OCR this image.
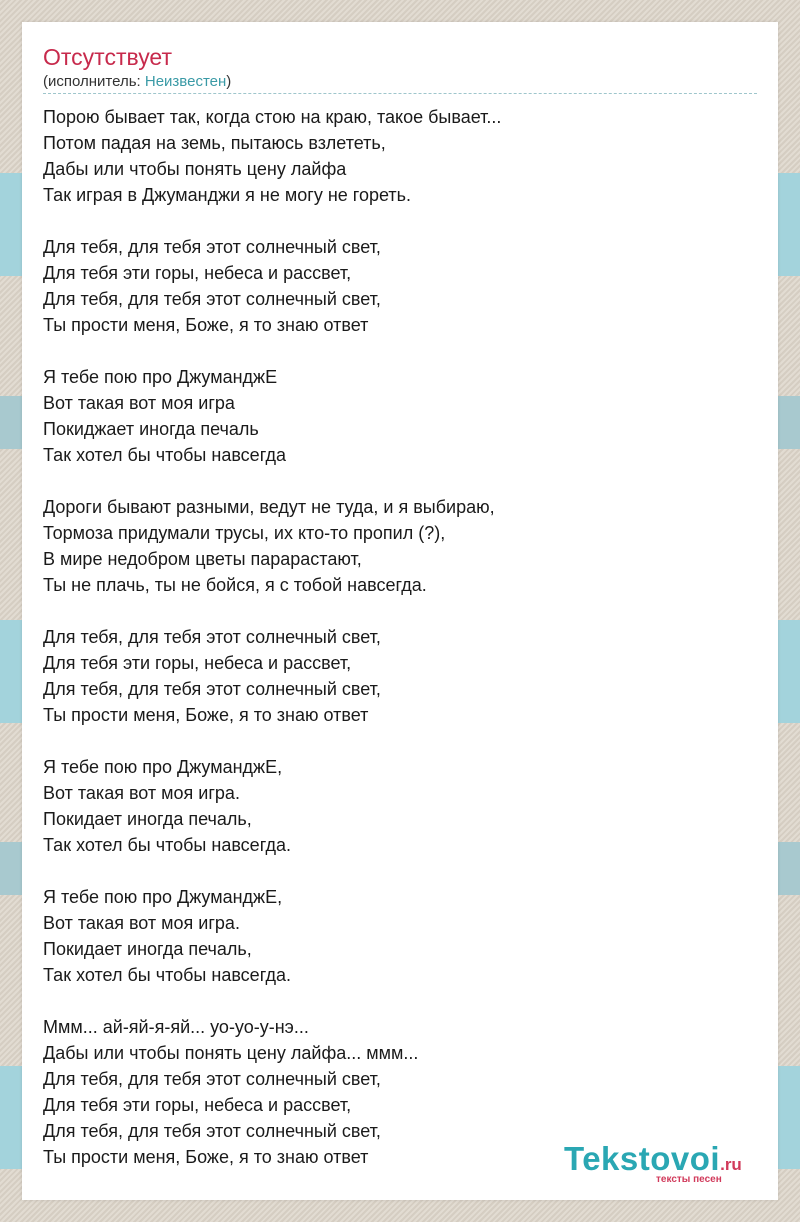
Отсутствует
(исполнитель: Неизвестен)
Порою бывает так, когда стою на краю, такое бывает...
Потом падая на земь, пытаюсь взлететь,
Дабы или чтобы понять цену лайфа
Так играя в Джуманджи я не могу не гореть.
Для тебя, для тебя этот солнечный свет,
Для тебя эти горы, небеса и рассвет,
Для тебя, для тебя этот солнечный свет,
Ты прости меня, Боже, я то знаю ответ
Я тебе пою про ДжуманджЕ
Вот такая вот моя игра
Покиджает иногда печаль
Так хотел бы чтобы навсегда
Дороги бывают разными, ведут не туда, и я выбираю,
Тормоза придумали трусы, их кто-то пропил (?),
В мире недобром цветы парарастают,
Ты не плачь, ты не бойся, я с тобой навсегда.
Для тебя, для тебя этот солнечный свет,
Для тебя эти горы, небеса и рассвет,
Для тебя, для тебя этот солнечный свет,
Ты прости меня, Боже, я то знаю ответ
Я тебе пою про ДжуманджЕ,
Вот такая вот моя игра.
Покидает иногда печаль,
Так хотел бы чтобы навсегда.
Я тебе пою про ДжуманджЕ,
Вот такая вот моя игра.
Покидает иногда печаль,
Так хотел бы чтобы навсегда.
Ммм... ай-яй-я-яй... уо-уо-у-нэ...
Дабы или чтобы понять цену лайфа... ммм...
Для тебя, для тебя этот солнечный свет,
Для тебя эти горы, небеса и рассвет,
Для тебя, для тебя этот солнечный свет,
Ты прости меня, Боже, я то знаю ответ	Tekstovoi.ru
тексты песен
